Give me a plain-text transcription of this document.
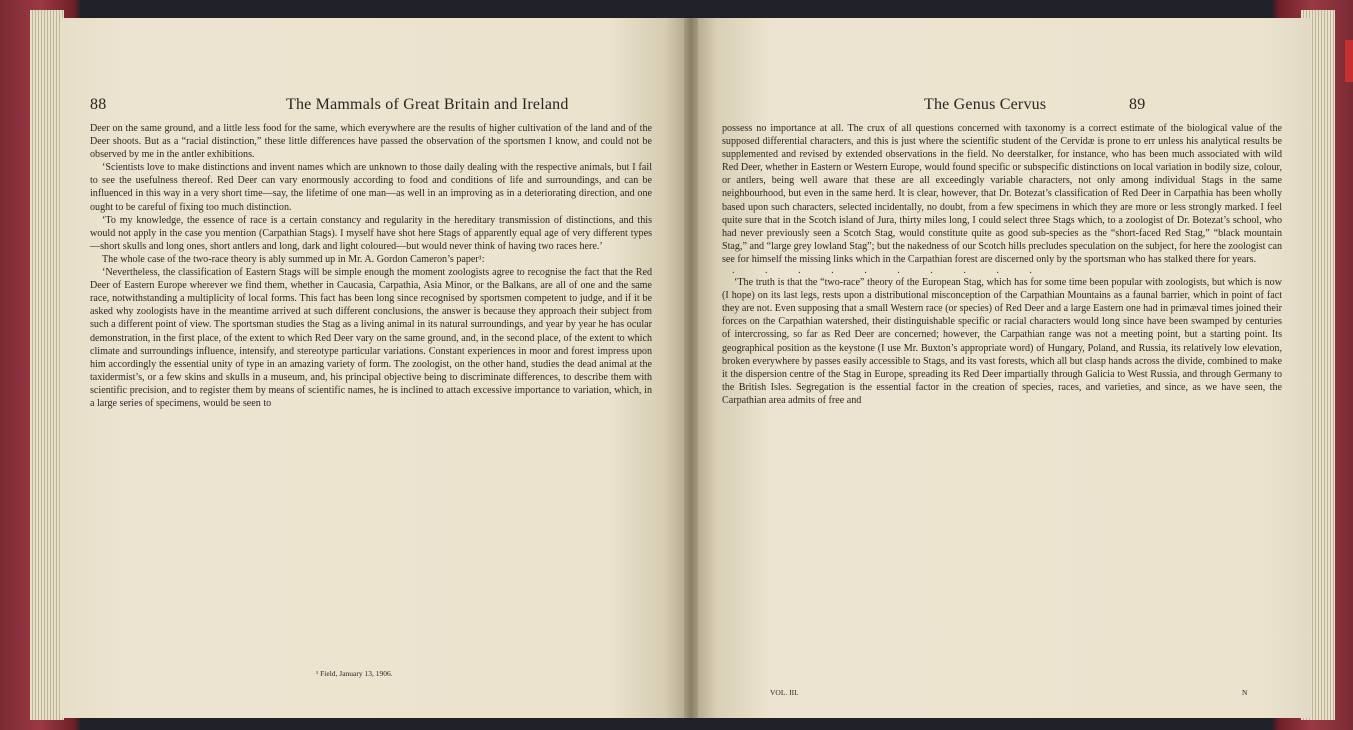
88	The Mammals of Great Britain and Ireland

Deer on the same ground, and a little less food for the same, which everywhere are the results of higher cultivation of the land and of the Deer shoots. But as a “racial distinction,” these little differences have passed the observation of the sportsmen I know, and could not be observed by me in the antler exhibitions.

‘Scientists love to make distinctions and invent names which are unknown to those daily dealing with the respective animals, but I fail to see the usefulness thereof. Red Deer can vary enormously according to food and conditions of life and surroundings, and can be influenced in this way in a very short time—say, the lifetime of one man—as well in an improving as in a deteriorating direction, and one ought to be careful of fixing too much distinction.

‘To my knowledge, the essence of race is a certain constancy and regularity in the hereditary transmission of distinctions, and this would not apply in the case you mention (Carpathian Stags). I myself have shot here Stags of apparently equal age of very different types—short skulls and long ones, short antlers and long, dark and light coloured—but would never think of having two races here.’

The whole case of the two-race theory is ably summed up in Mr. A. Gordon Cameron’s paper¹:

‘Nevertheless, the classification of Eastern Stags will be simple enough the moment zoologists agree to recognise the fact that the Red Deer of Eastern Europe wherever we find them, whether in Caucasia, Carpathia, Asia Minor, or the Balkans, are all of one and the same race, notwithstanding a multiplicity of local forms. This fact has been long since recognised by sportsmen competent to judge, and if it be asked why zoologists have in the meantime arrived at such different conclusions, the answer is because they approach their subject from such a different point of view. The sportsman studies the Stag as a living animal in its natural surroundings, and year by year he has ocular demonstration, in the first place, of the extent to which Red Deer vary on the same ground, and, in the second place, of the extent to which climate and surroundings influence, intensify, and stereotype particular variations. Constant experiences in moor and forest impress upon him accordingly the essential unity of type in an amazing variety of form. The zoologist, on the other hand, studies the dead animal at the taxidermist’s, or a few skins and skulls in a museum, and, his principal objective being to discriminate differences, to describe them with scientific precision, and to register them by means of scientific names, he is inclined to attach excessive importance to variation, which, in a large series of specimens, would be seen to

¹ Field, January 13, 1906.
The Genus Cervus	89

possess no importance at all. The crux of all questions concerned with taxonomy is a correct estimate of the biological value of the supposed differential characters, and this is just where the scientific student of the Cervidæ is prone to err unless his analytical results be supplemented and revised by extended observations in the field. No deerstalker, for instance, who has been much associated with wild Red Deer, whether in Eastern or Western Europe, would found specific or subspecific distinctions on local variation in bodily size, colour, or antlers, being well aware that these are all exceedingly variable characters, not only among individual Stags in the same neighbourhood, but even in the same herd. It is clear, however, that Dr. Botezat’s classification of Red Deer in Carpathia has been wholly based upon such characters, selected incidentally, no doubt, from a few specimens in which they are more or less strongly marked. I feel quite sure that in the Scotch island of Jura, thirty miles long, I could select three Stags which, to a zoologist of Dr. Botezat’s school, who had never previously seen a Scotch Stag, would constitute quite as good sub-species as the “short-faced Red Stag,” “black mountain Stag,” and “large grey lowland Stag”; but the nakedness of our Scotch hills precludes speculation on the subject, for here the zoologist can see for himself the missing links which in the Carpathian forest are discerned only by the sportsman who has stalked there for years.

. . . . . . . . . .

‘The truth is that the “two-race” theory of the European Stag, which has for some time been popular with zoologists, but which is now (I hope) on its last legs, rests upon a distributional misconception of the Carpathian Mountains as a faunal barrier, which in point of fact they are not. Even supposing that a small Western race (or species) of Red Deer and a large Eastern one had in primæval times joined their forces on the Carpathian watershed, their distinguishable specific or racial characters would long since have been swamped by centuries of intercrossing, so far as Red Deer are concerned; however, the Carpathian range was not a meeting point, but a starting point. Its geographical position as the keystone (I use Mr. Buxton’s appropriate word) of Hungary, Poland, and Russia, its relatively low elevation, broken everywhere by passes easily accessible to Stags, and its vast forests, which all but clasp hands across the divide, combined to make it the dispersion centre of the Stag in Europe, spreading its Red Deer impartially through Galicia to West Russia, and through Germany to the British Isles. Segregation is the essential factor in the creation of species, races, and varieties, and since, as we have seen, the Carpathian area admits of free and

VOL. III.	N
